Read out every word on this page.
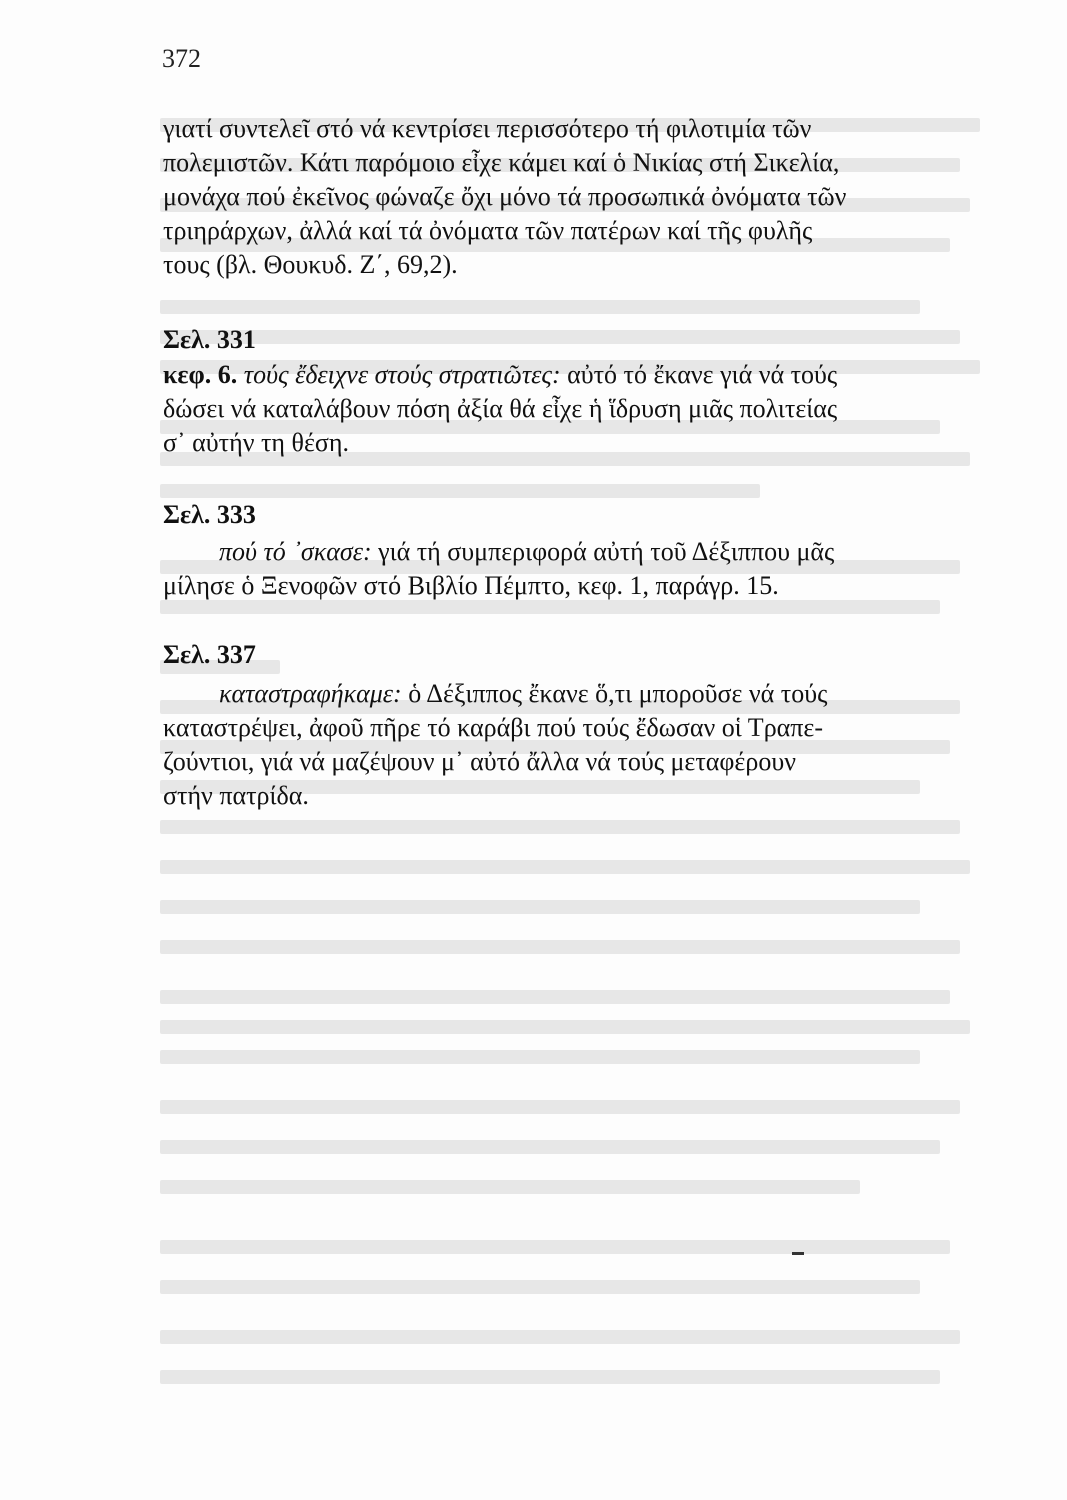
372
γιατί συντελεῖ στό νά κεντρίσει περισσότερο τή φιλοτιμία τῶν
πολεμιστῶν. Κάτι παρόμοιο εἶχε κάμει καί ὁ Νικίας στή Σικελία,
μονάχα πού ἐκεῖνος φώναζε ὄχι μόνο τά προσωπικά ὀνόματα τῶν
τριηράρχων, ἀλλά καί τά ὀνόματα τῶν πατέρων καί τῆς φυλῆς
τους (βλ. Θουκυδ. Ζ΄, 69,2).
Σελ. 331
κεφ. 6. τούς ἔδειχνε στούς στρατιῶτες: αὐτό τό ἔκανε γιά νά τούς
δώσει νά καταλάβουν πόση ἀξία θά εἶχε ἡ ἵδρυση μιᾶς πολιτείας
σ᾽ αὐτήν τη θέση.
Σελ. 333
πού τό ᾽σκασε: γιά τή συμπεριφορά αὐτή τοῦ Δέξιππου μᾶς
μίλησε ὁ Ξενοφῶν στό Βιβλίο Πέμπτο, κεφ. 1, παράγρ. 15.
Σελ. 337
καταστραφήκαμε: ὁ Δέξιππος ἔκανε ὅ,τι μποροῦσε νά τούς
καταστρέψει, ἀφοῦ πῆρε τό καράβι πού τούς ἔδωσαν οἱ Τραπε-
ζούντιοι, γιά νά μαζέψουν μ᾽ αὐτό ἄλλα νά τούς μεταφέρουν
στήν πατρίδα.
